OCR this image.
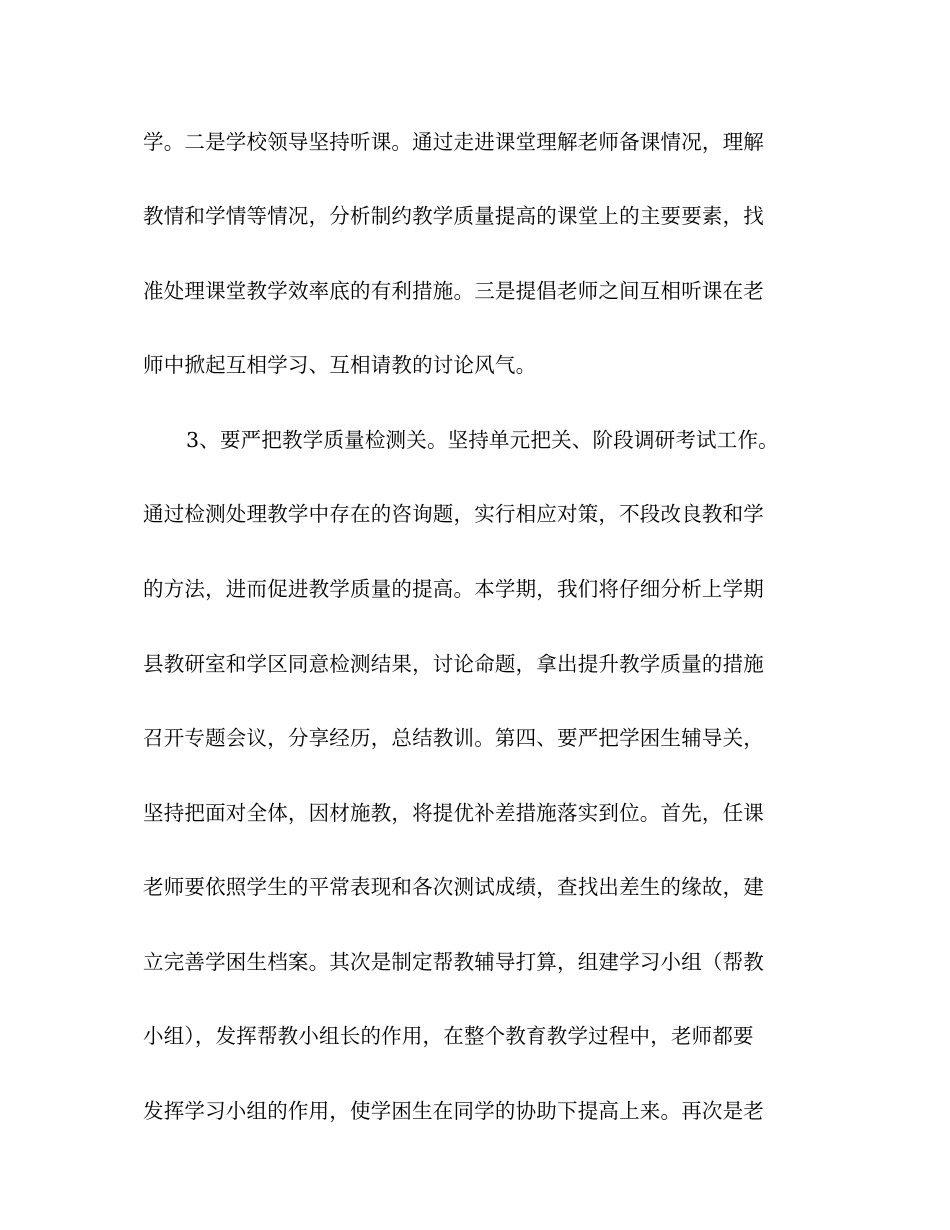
学。二是学校领导坚持听课。通过走进课堂理解老师备课情况，理解
教情和学情等情况，分析制约教学质量提高的课堂上的主要要素，找
准处理课堂教学效率底的有利措施。三是提倡老师之间互相听课在老
师中掀起互相学习、互相请教的讨论风气。
3、要严把教学质量检测关。坚持单元把关、阶段调研考试工作。
通过检测处理教学中存在的咨询题，实行相应对策，不段改良教和学
的方法，进而促进教学质量的提高。本学期，我们将仔细分析上学期
县教研室和学区同意检测结果，讨论命题，拿出提升教学质量的措施
召开专题会议，分享经历，总结教训。第四、要严把学困生辅导关，
坚持把面对全体，因材施教，将提优补差措施落实到位。首先，任课
老师要依照学生的平常表现和各次测试成绩，查找出差生的缘故，建
立完善学困生档案。其次是制定帮教辅导打算，组建学习小组（帮教
小组），发挥帮教小组长的作用，在整个教育教学过程中，老师都要
发挥学习小组的作用，使学困生在同学的协助下提高上来。再次是老
